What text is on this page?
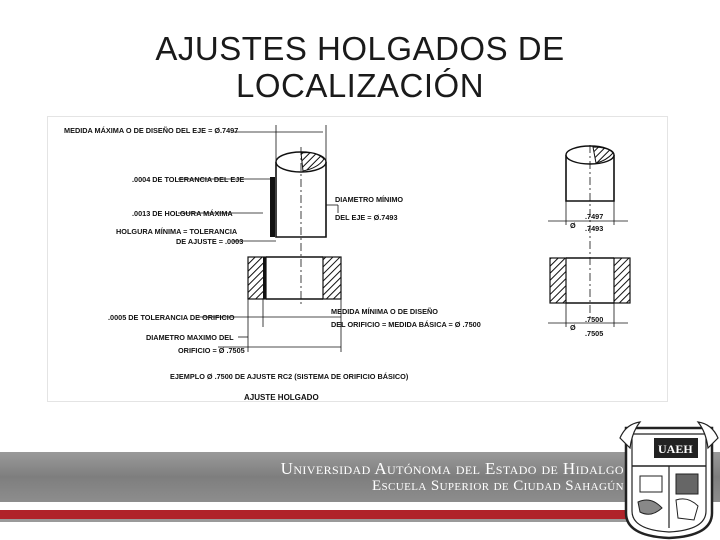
AJUSTES HOLGADOS DE
LOCALIZACIÓN
MEDIDA MÁXIMA O DE DISEÑO DEL EJE = Ø.7497
.0004 DE TOLERANCIA DEL EJE
.0013 DE HOLGURA MÁXIMA
HOLGURA MÍNIMA = TOLERANCIA
DE AJUSTE = .0003
DIAMETRO MÍNIMO
DEL EJE = Ø.7493
.0005 DE TOLERANCIA DE ORIFICIO
MEDIDA MÍNIMA O DE DISEÑO
DEL ORIFICIO = MEDIDA BÁSICA = Ø .7500
DIAMETRO MAXIMO DEL
ORIFICIO = Ø .7505
EJEMPLO Ø .7500 DE AJUSTE RC2 (SISTEMA DE ORIFICIO BÁSICO)
AJUSTE HOLGADO
Ø
.7497
.7493
Ø
.7500
.7505
Universidad Autónoma del Estado de Hidalgo
Escuela Superior de Ciudad Sahagún
UAEH
